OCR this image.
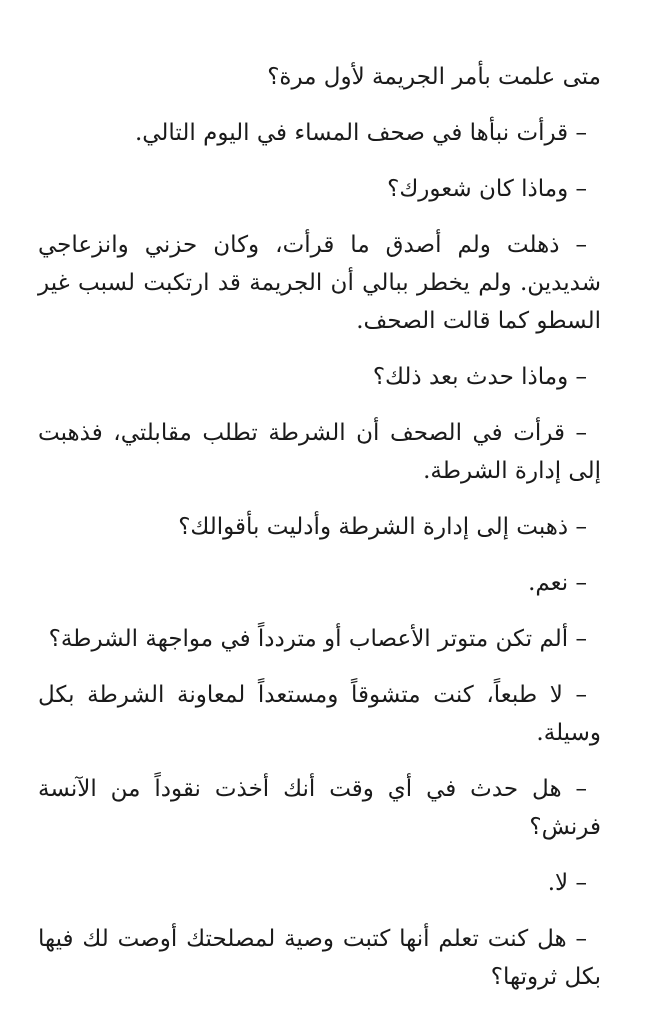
متى علمت بأمر الجريمة لأول مرة؟

– قرأت نبأها في صحف المساء في اليوم التالي.

– وماذا كان شعورك؟

– ذهلت ولم أصدق ما قرأت، وكان حزني وانزعاجي شديدين. ولم يخطر ببالي أن الجريمة قد ارتكبت لسبب غير السطو كما قالت الصحف.

– وماذا حدث بعد ذلك؟

– قرأت في الصحف أن الشرطة تطلب مقابلتي، فذهبت إلى إدارة الشرطة.

– ذهبت إلى إدارة الشرطة وأدليت بأقوالك؟

– نعم.

– ألم تكن متوتر الأعصاب أو متردداً في مواجهة الشرطة؟

– لا طبعاً، كنت متشوقاً ومستعداً لمعاونة الشرطة بكل وسيلة.

– هل حدث في أي وقت أنك أخذت نقوداً من الآنسة فرنش؟

– لا.

– هل كنت تعلم أنها كتبت وصية لمصلحتك أوصت لك فيها بكل ثروتها؟
